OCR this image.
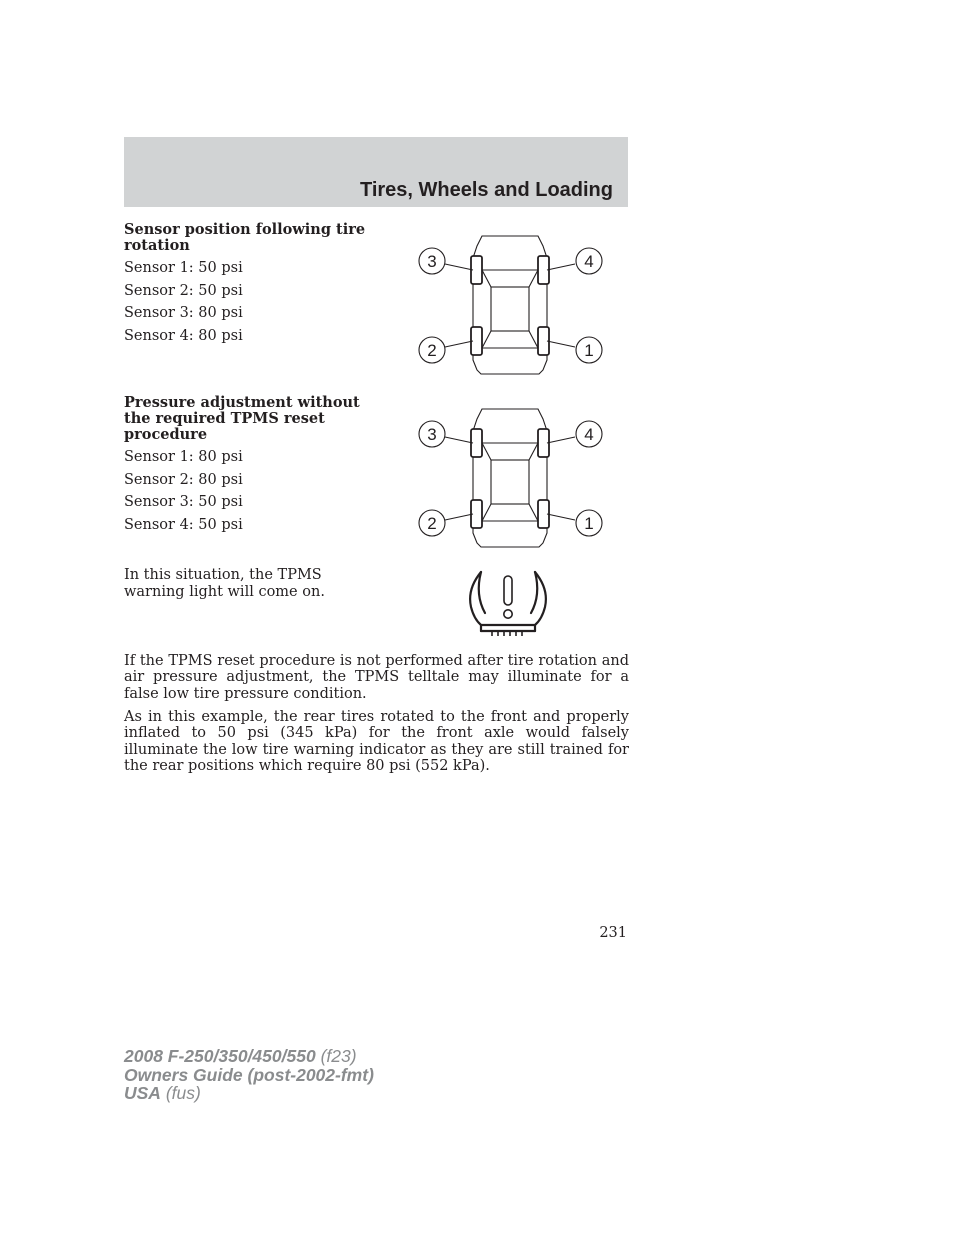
Tires, Wheels and Loading
Sensor position following tire rotation
Sensor 1: 50 psi
Sensor 2: 50 psi
Sensor 3: 80 psi
Sensor 4: 80 psi
3	4
2	1
Pressure adjustment without the required TPMS reset procedure
Sensor 1: 80 psi
Sensor 2: 80 psi
Sensor 3: 50 psi
Sensor 4: 50 psi
3	4
2	1
In this situation, the TPMS warning light will come on.

If the TPMS reset procedure is not performed after tire rotation and air pressure adjustment, the TPMS telltale may illuminate for a false low tire pressure condition.

As in this example, the rear tires rotated to the front and properly inflated to 50 psi (345 kPa) for the front axle would falsely illuminate the low tire warning indicator as they are still trained for the rear positions which require 80 psi (552 kPa).

231
2008 F-250/350/450/550 (f23)
Owners Guide (post-2002-fmt)
USA (fus)
